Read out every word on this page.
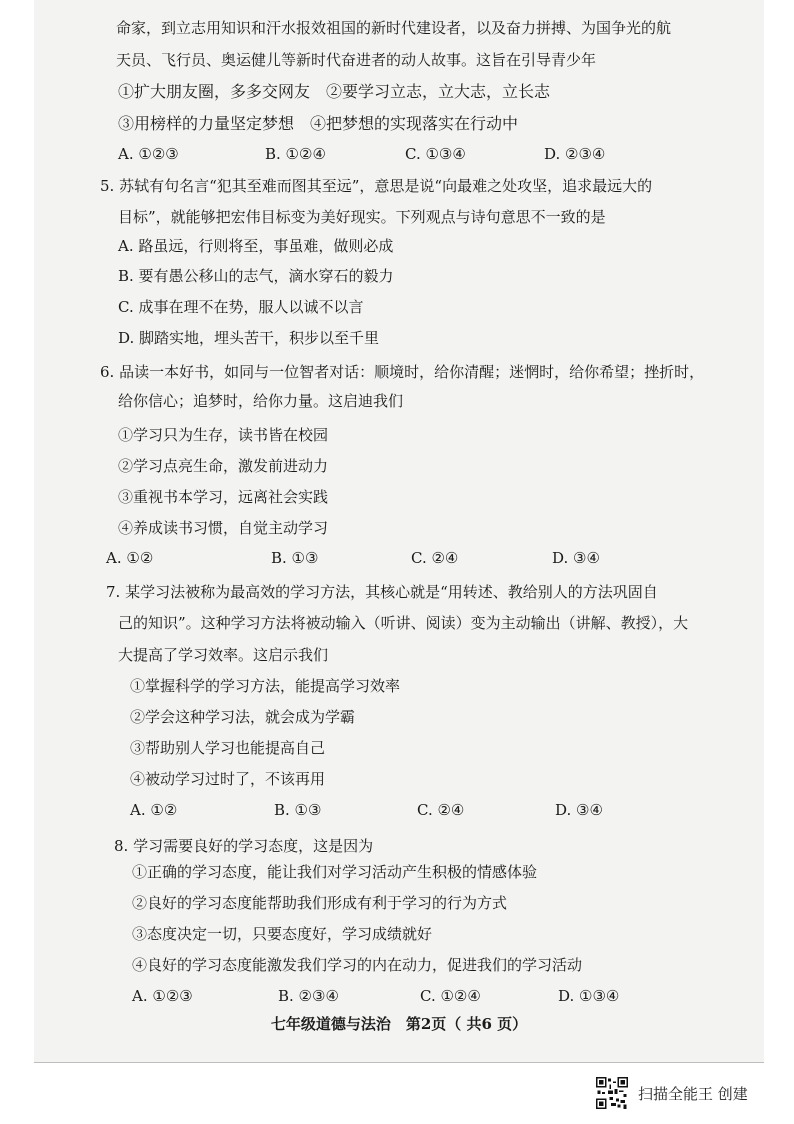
命家，到立志用知识和汗水报效祖国的新时代建设者，以及奋力拼搏、为国争光的航
天员、飞行员、奥运健儿等新时代奋进者的动人故事。这旨在引导青少年
①扩大朋友圈，多多交网友　②要学习立志，立大志，立长志
③用榜样的力量坚定梦想　④把梦想的实现落实在行动中
A. ①②③	B. ①②④	C. ①③④	D. ②③④
5. 苏轼有句名言“犯其至难而图其至远”，意思是说“向最难之处攻坚，追求最远大的
目标”，就能够把宏伟目标变为美好现实。下列观点与诗句意思不一致的是
A. 路虽远，行则将至，事虽难，做则必成
B. 要有愚公移山的志气，滴水穿石的毅力
C. 成事在理不在势，服人以诚不以言
D. 脚踏实地，埋头苦干，积步以至千里
6. 品读一本好书，如同与一位智者对话：顺境时，给你清醒；迷惘时，给你希望；挫折时，
给你信心；追梦时，给你力量。这启迪我们
①学习只为生存，读书皆在校园
②学习点亮生命，激发前进动力
③重视书本学习，远离社会实践
④养成读书习惯，自觉主动学习
A. ①②	B. ①③	C. ②④	D. ③④
7. 某学习法被称为最高效的学习方法，其核心就是“用转述、教给别人的方法巩固自
己的知识”。这种学习方法将被动输入（听讲、阅读）变为主动输出（讲解、教授），大
大提高了学习效率。这启示我们
①掌握科学的学习方法，能提高学习效率
②学会这种学习法，就会成为学霸
③帮助别人学习也能提高自己
④被动学习过时了，不该再用
A. ①②	B. ①③	C. ②④	D. ③④
8. 学习需要良好的学习态度，这是因为
①正确的学习态度，能让我们对学习活动产生积极的情感体验
②良好的学习态度能帮助我们形成有利于学习的行为方式
③态度决定一切，只要态度好，学习成绩就好
④良好的学习态度能激发我们学习的内在动力，促进我们的学习活动
A. ①②③	B. ②③④	C. ①②④	D. ①③④
七年级道德与法治　第2页（ 共6 页）
扫描全能王 创建
